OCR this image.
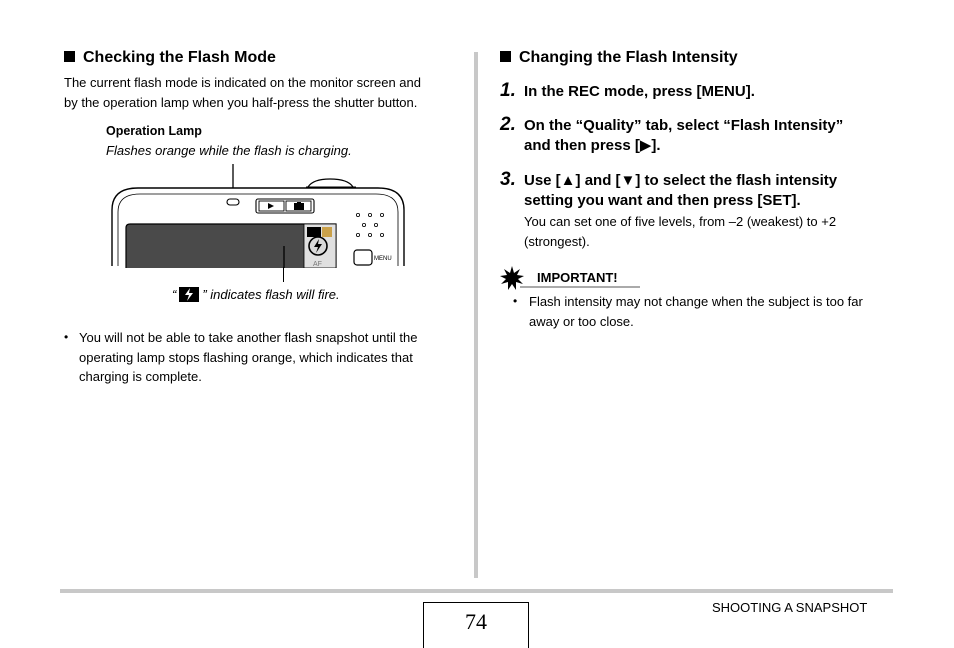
Checking the Flash Mode
The current flash mode is indicated on the monitor screen and
by the operation lamp when you half-press the shutter button.
Operation Lamp
Flashes orange while the flash is charging.
AF
MENU
“ ” indicates flash will fire.
• You will not be able to take another flash snapshot until the
operating lamp stops flashing orange, which indicates that
charging is complete.
Changing the Flash Intensity
1. In the REC mode, press [MENU].
2. On the “Quality” tab, select “Flash Intensity”
and then press [▶].
3. Use [▲] and [▼] to select the flash intensity
setting you want and then press [SET].
You can set one of five levels, from –2 (weakest) to +2
(strongest).
IMPORTANT!
• Flash intensity may not change when the subject is too far
away or too close.
74
SHOOTING A SNAPSHOT
